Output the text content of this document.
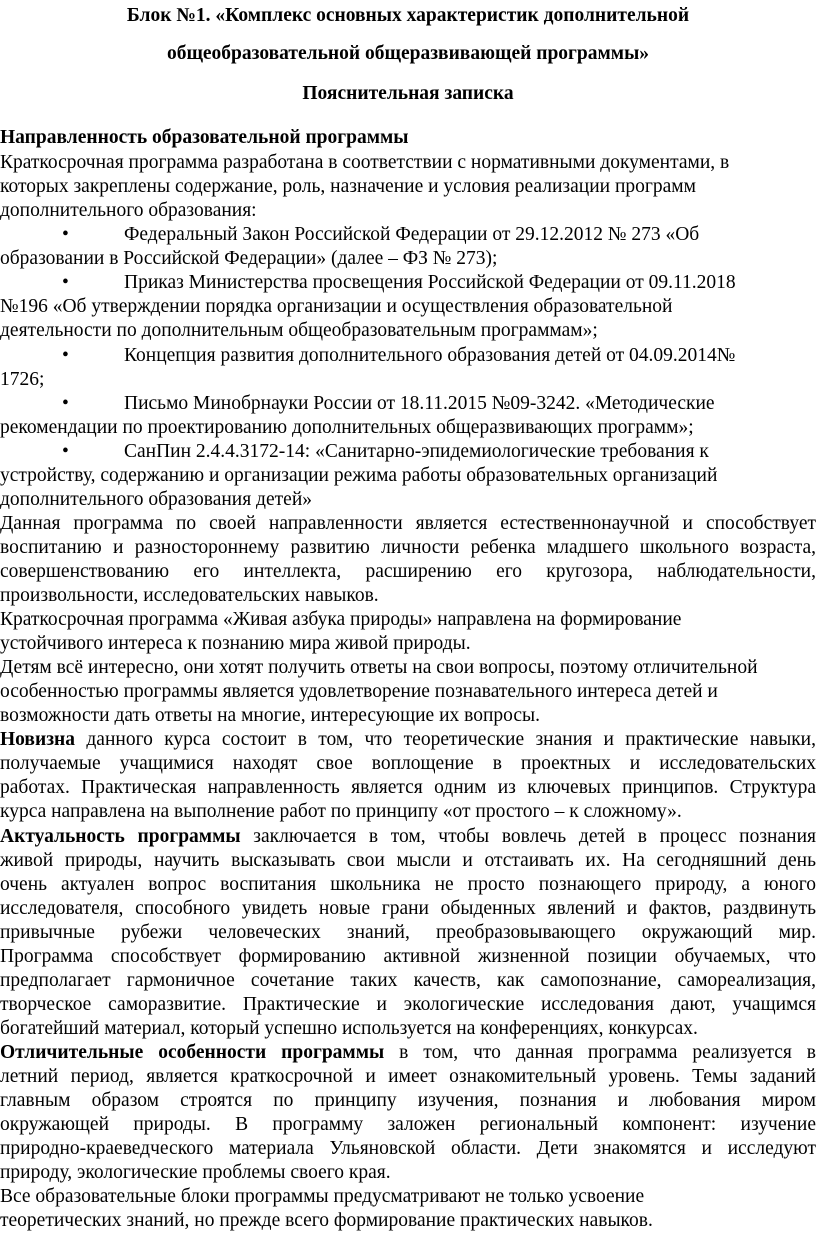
Блок №1. «Комплекс основных характеристик дополнительной
общеобразовательной общеразвивающей программы»
Пояснительная записка
Направленность образовательной программы
Краткосрочная программа разработана в соответствии с нормативными документами, в
которых закреплены содержание, роль, назначение и условия реализации программ
дополнительного образования:
•	Федеральный Закон Российской Федерации от 29.12.2012 № 273 «Об
образовании в Российской Федерации» (далее – ФЗ № 273);
•	Приказ Министерства просвещения Российской Федерации от 09.11.2018
№196 «Об утверждении порядка организации и осуществления образовательной
деятельности по дополнительным общеобразовательным программам»;
•	Концепция развития дополнительного образования детей от 04.09.2014№
1726;
•	Письмо Минобрнауки России от 18.11.2015 №09-3242. «Методические
рекомендации по проектированию дополнительных общеразвивающих программ»;
•	СанПин 2.4.4.3172-14: «Санитарно-эпидемиологические требования к
устройству, содержанию и организации режима работы образовательных организаций
дополнительного образования детей»
Данная программа по своей направленности является естественнонаучной и способствует
воспитанию и разностороннему развитию личности ребенка младшего школьного возраста,
совершенствованию его интеллекта, расширению его кругозора, наблюдательности,
произвольности, исследовательских навыков.
Краткосрочная программа «Живая азбука природы» направлена на формирование
устойчивого интереса к познанию мира живой природы.
Детям всё интересно, они хотят получить ответы на свои вопросы, поэтому отличительной
особенностью программы является удовлетворение познавательного интереса детей и
возможности дать ответы на многие, интересующие их вопросы.
Новизна данного курса состоит в том, что теоретические знания и практические навыки,
получаемые учащимися находят свое воплощение в проектных и исследовательских
работах. Практическая направленность является одним из ключевых принципов. Структура
курса направлена на выполнение работ по принципу «от простого – к сложному».
Актуальность программы заключается в том, чтобы вовлечь детей в процесс познания
живой природы, научить высказывать свои мысли и отстаивать их. На сегодняшний день
очень актуален вопрос воспитания школьника не просто познающего природу, а юного
исследователя, способного увидеть новые грани обыденных явлений и фактов, раздвинуть
привычные рубежи человеческих знаний, преобразовывающего окружающий мир.
Программа способствует формированию активной жизненной позиции обучаемых, что
предполагает гармоничное сочетание таких качеств, как самопознание, самореализация,
творческое саморазвитие. Практические и экологические исследования дают, учащимся
богатейший материал, который успешно используется на конференциях, конкурсах.
Отличительные особенности программы в том, что данная программа реализуется в
летний период, является краткосрочной и имеет ознакомительный уровень. Темы заданий
главным образом строятся по принципу изучения, познания и любования миром
окружающей природы. В программу заложен региональный компонент: изучение
природно-краеведческого материала Ульяновской области. Дети знакомятся и исследуют
природу, экологические проблемы своего края.
Все образовательные блоки программы предусматривают не только усвоение
теоретических знаний, но прежде всего формирование практических навыков.
